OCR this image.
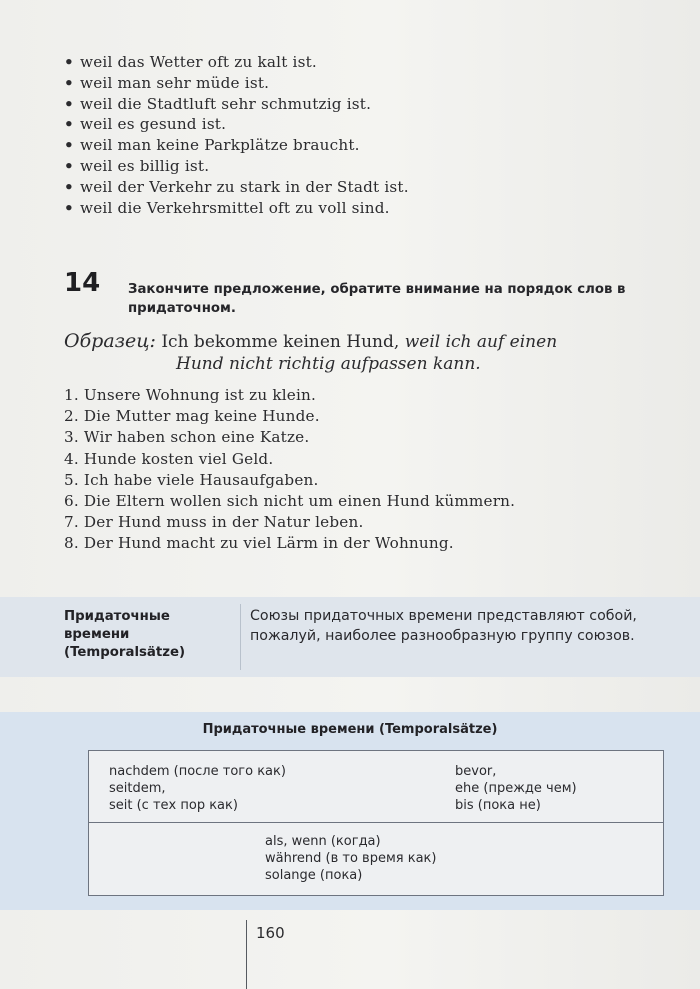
• weil das Wetter oft zu kalt ist.
• weil man sehr müde ist.
• weil die Stadtluft sehr schmutzig ist.
• weil es gesund ist.
• weil man keine Parkplätze braucht.
• weil es billig ist.
• weil der Verkehr zu stark in der Stadt ist.
• weil die Verkehrsmittel oft zu voll sind.
14 Закончите предложение, обратите внимание на порядок слов в придаточном.
Образец: Ich bekomme keinen Hund, weil ich auf einen
Hund nicht richtig aufpassen kann.
1. Unsere Wohnung ist zu klein.
2. Die Mutter mag keine Hunde.
3. Wir haben schon eine Katze.
4. Hunde kosten viel Geld.
5. Ich habe viele Hausaufgaben.
6. Die Eltern wollen sich nicht um einen Hund kümmern.
7. Der Hund muss in der Natur leben.
8. Der Hund macht zu viel Lärm in der Wohnung.
Придаточные времени (Temporalsätze)
Союзы придаточных времени представляют собой, пожалуй, наиболее разнообразную группу союзов.
Придаточные времени (Temporalsätze)
nachdem (после того как)
seitdem,
seit (с тех пор как)
bevor,
ehe (прежде чем)
bis (пока не)
als, wenn (когда)
während (в то время как)
solange (пока)
160
